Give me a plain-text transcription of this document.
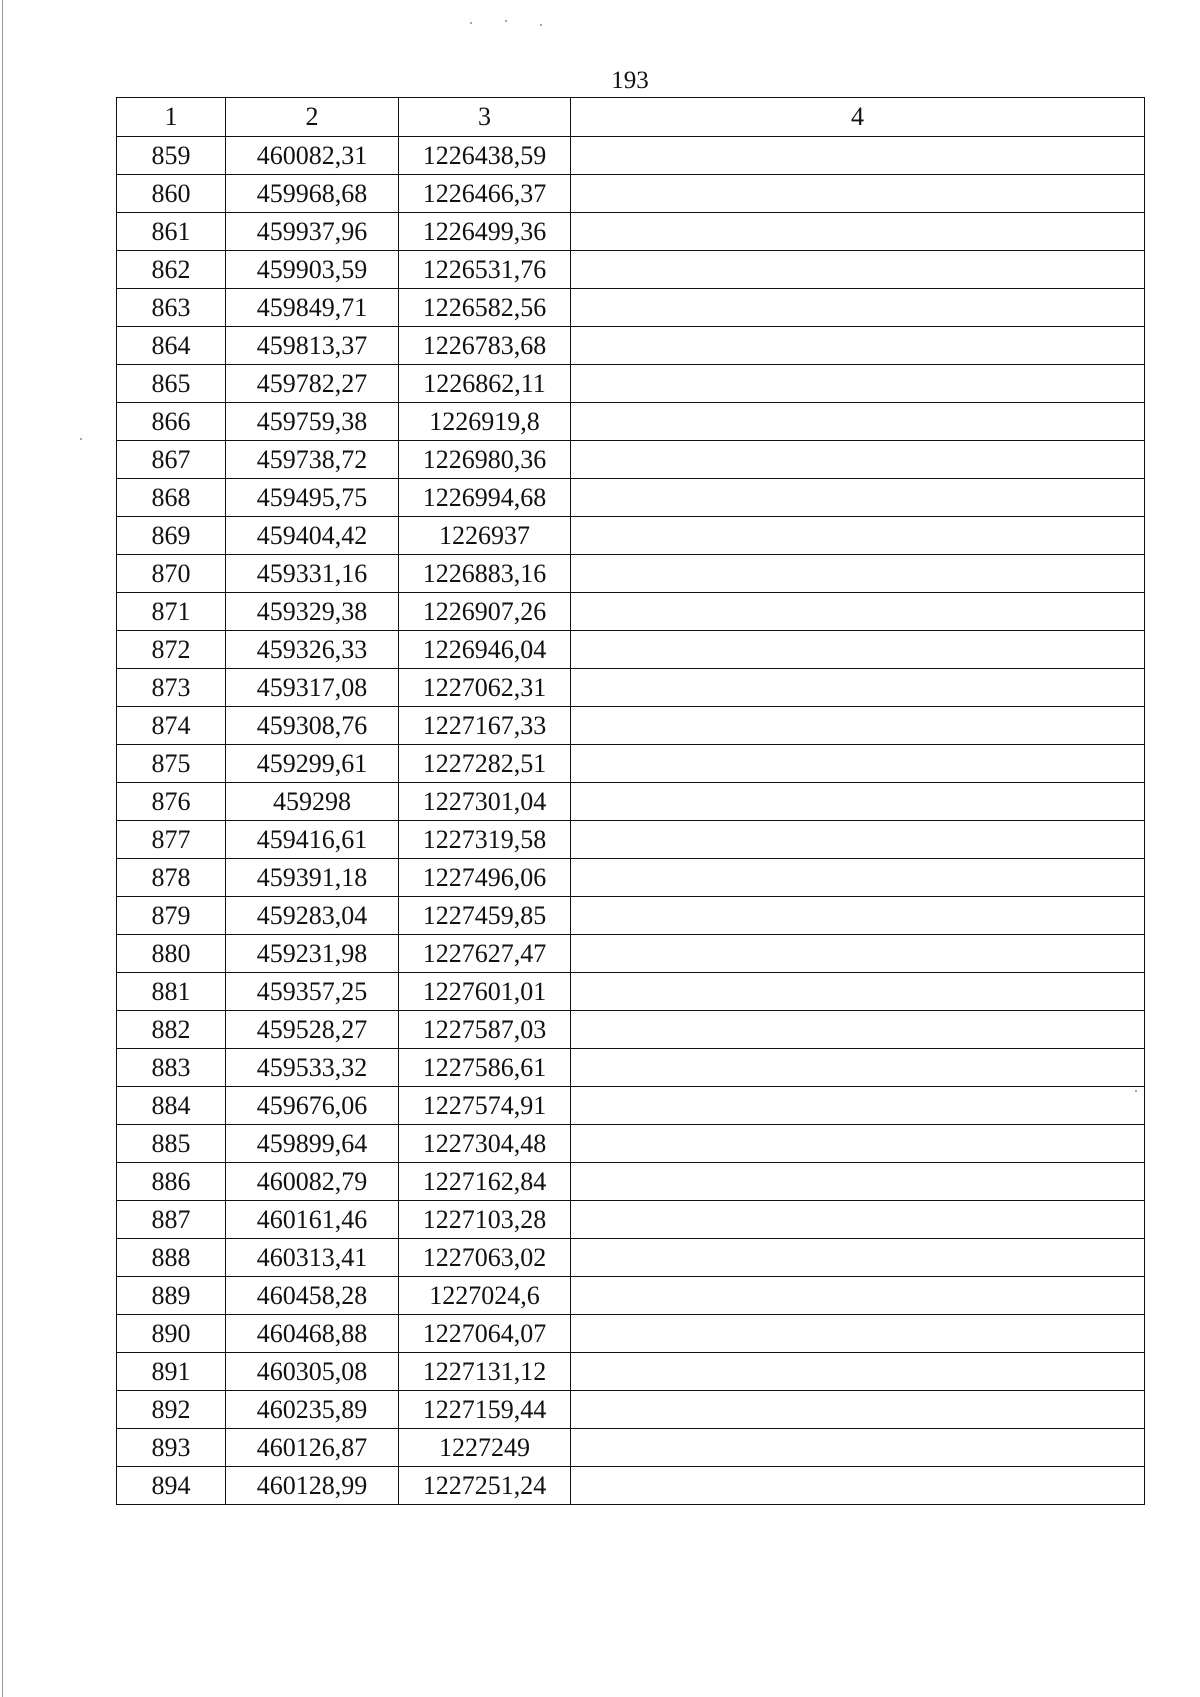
193
1	2	3	4
859	460082,31	1226438,59	
860	459968,68	1226466,37	
861	459937,96	1226499,36	
862	459903,59	1226531,76	
863	459849,71	1226582,56	
864	459813,37	1226783,68	
865	459782,27	1226862,11	
866	459759,38	1226919,8	
867	459738,72	1226980,36	
868	459495,75	1226994,68	
869	459404,42	1226937	
870	459331,16	1226883,16	
871	459329,38	1226907,26	
872	459326,33	1226946,04	
873	459317,08	1227062,31	
874	459308,76	1227167,33	
875	459299,61	1227282,51	
876	459298	1227301,04	
877	459416,61	1227319,58	
878	459391,18	1227496,06	
879	459283,04	1227459,85	
880	459231,98	1227627,47	
881	459357,25	1227601,01	
882	459528,27	1227587,03	
883	459533,32	1227586,61	
884	459676,06	1227574,91	
885	459899,64	1227304,48	
886	460082,79	1227162,84	
887	460161,46	1227103,28	
888	460313,41	1227063,02	
889	460458,28	1227024,6	
890	460468,88	1227064,07	
891	460305,08	1227131,12	
892	460235,89	1227159,44	
893	460126,87	1227249	
894	460128,99	1227251,24	
